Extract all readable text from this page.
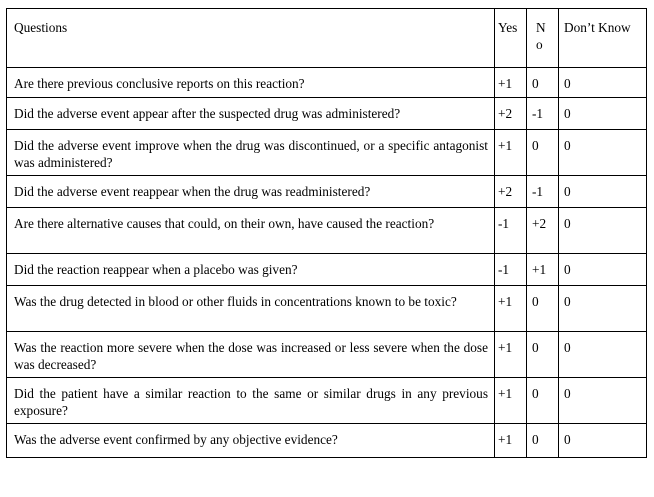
Questions	Yes	N o	Don’t Know
Are there previous conclusive reports on this reaction?	+1	0	0
Did the adverse event appear after the suspected drug was administered?	+2	-1	0
Did the adverse event improve when the drug was discontinued, or a specific antagonist was administered?	+1	0	0
Did the adverse event reappear when the drug was readministered?	+2	-1	0
Are there alternative causes that could, on their own, have caused the reaction?	-1	+2	0
Did the reaction reappear when a placebo was given?	-1	+1	0
Was the drug detected in blood or other fluids in concentrations known to be toxic?	+1	0	0
Was the reaction more severe when the dose was increased or less severe when the dose was decreased?	+1	0	0
Did the patient have a similar reaction to the same or similar drugs in any previous exposure?	+1	0	0
Was the adverse event confirmed by any objective evidence?	+1	0	0
